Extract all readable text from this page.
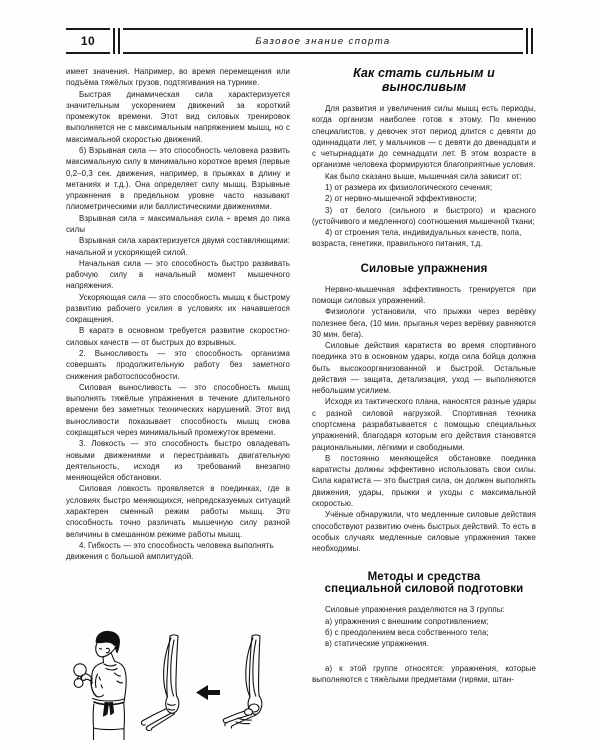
10	Базовое знание спорта

имеет значения. Например, во время перемещения или подъёма тяжёлых грузов, подтягивания на турнике.

Быстрая динамическая сила характеризуется значительным ускорением движений за короткий промежуток времени. Этот вид силовых тренировок выполняется не с максимальным напряжением мышц, но с максимальной скоростью движений.

б) Взрывная сила — это способность человека развить максимальную силу в минимально короткое время (первые 0,2–0,3 сек. движения, например, в прыжках в длину и метаниях и т.д.). Она определяет силу мышц. Взрывные упражнения в предельном уровне часто называют плиометрическими или баллистическими движениями.

Взрывная сила = максимальная сила ÷ время до пика силы

Взрывная сила характеризуется двумя составляющими: начальной и ускоряющей силой.

Начальная сила — это способность быстро развивать рабочую силу в начальный момент мышечного напряжения.

Ускоряющая сила — это способность мышц к быстрому развитию рабочего усилия в условиях их начавшегося сокращения.

В каратэ в основном требуется развитие скоростно-силовых качеств — от быстрых до взрывных.

2. Выносливость — это способность организма совершать продолжительную работу без заметного снижения работоспособности.

Силовая выносливость — это способность мышц выполнять тяжёлые упражнения в течение длительного времени без заметных технических нарушений. Этот вид выносливости показывает способность мышц снова сокращаться через минимальный промежуток времени.

3. Ловкость — это способность быстро овладевать новыми движениями и перестраивать двигательную деятельность, исходя из требований внезапно меняющейся обстановки.

Силовая ловкость проявляется в поединках, где в условиях быстро меняющихся, непредсказуемых ситуаций характерен сменный режим работы мышц. Это способность точно различать мышечную силу разной величины в смешанном режиме работы мышц.

4. Гибкость — это способность человека выполнять движения с большой амплитудой.

Как стать сильным и выносливым

Для развития и увеличения силы мышц есть периоды, когда организм наиболее готов к этому. По мнению специалистов, у девочек этот период длится с девяти до одиннадцати лет, у мальчиков — с девяти до двенадцати и с четырнадцати до семнадцати лет. В этом возрасте в организме человека формируются благоприятные условия.

Как было сказано выше, мышечная сила зависит от:

1) от размера их физиологического сечения;

2) от нервно-мышечной эффективности;

3) от белого (сильного и быстрого) и красного (устойчивого и медленного) соотношения мышечной ткани;

4) от строения тела, индивидуальных качеств, пола, возраста, генетики, правильного питания, т.д.

Силовые упражнения

Нервно-мышечная эффективность тренируется при помощи силовых упражнений.

Физиологи установили, что прыжки через верёвку полезнее бега, (10 мин. прыганья через верёвку равняются 30 мин. бега).

Силовые действия каратиста во время спортивного поединка это в основном удары, когда сила бойца должна быть высокоорганизованной и быстрой. Остальные действия — защита, детализация, уход — выполняются небольшим усилием.

Исходя из тактического плана, наносятся разные удары с разной силовой нагрузкой. Спортивная техника спортсмена разрабатывается с помощью специальных упражнений, благодаря которым его действия становятся рациональными, лёгкими и свободными.

В постоянно меняющейся обстановке поединка каратисты должны эффективно использовать свои силы. Сила каратиста — это быстрая сила, он должен выполнять движения, удары, прыжки и уходы с максимальной скоростью.

Учёные обнаружили, что медленные силовые действия способствуют развитию очень быстрых действий. То есть в особых случаях медленные силовые упражнения также необходимы.

Методы и средства
специальной силовой подготовки

Силовые упражнения разделяются на 3 группы:

а) упражнения с внешним сопротивлением;

б) с преодолением веса собственного тела;

в) статические упражнения.

а) к этой группе относятся: упражнения, которые выполняются с тяжёлыми предметами (гирями, штан-
